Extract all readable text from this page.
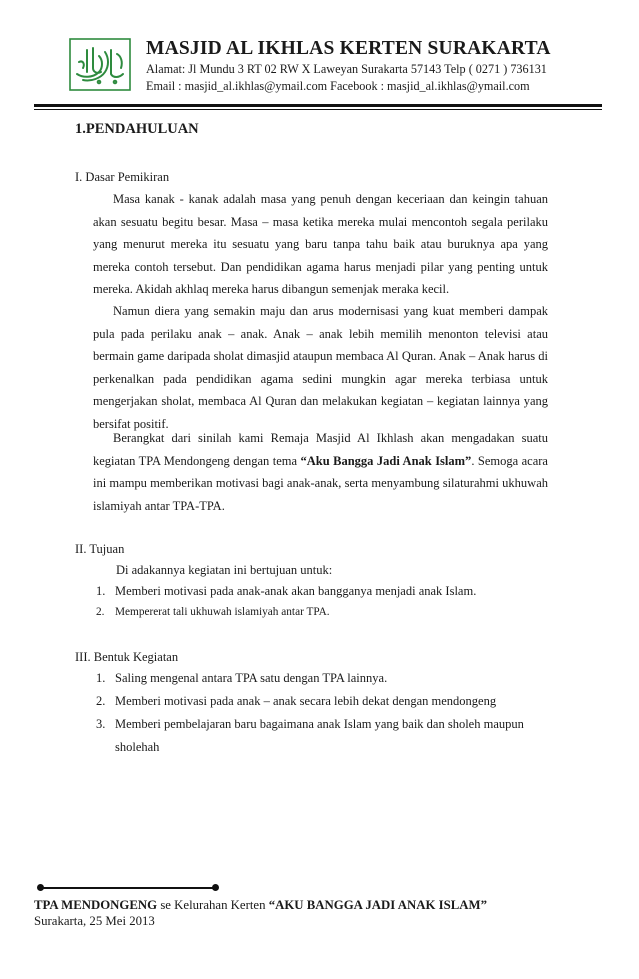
MASJID AL IKHLAS KERTEN SURAKARTA
Alamat: Jl Mundu 3 RT 02 RW X Laweyan Surakarta 57143 Telp ( 0271 ) 736131
Email : masjid_al.ikhlas@ymail.com Facebook : masjid_al.ikhlas@ymail.com
1.PENDAHULUAN
I. Dasar Pemikiran

Masa kanak - kanak adalah masa yang penuh dengan keceriaan dan keingin tahuan akan sesuatu begitu besar. Masa – masa ketika mereka mulai mencontoh segala perilaku yang menurut mereka itu sesuatu yang baru tanpa tahu baik atau buruknya apa yang mereka contoh tersebut. Dan pendidikan agama harus menjadi pilar yang penting untuk mereka. Akidah akhlaq mereka harus dibangun semenjak meraka kecil.

Namun diera yang semakin maju dan arus modernisasi yang kuat memberi dampak pula pada perilaku anak – anak. Anak – anak lebih memilih menonton televisi atau bermain game daripada sholat dimasjid ataupun membaca Al Quran. Anak – Anak harus di perkenalkan pada pendidikan agama sedini mungkin agar mereka terbiasa untuk mengerjakan sholat, membaca Al Quran dan melakukan kegiatan – kegiatan lainnya yang bersifat positif.

Berangkat dari sinilah kami Remaja Masjid Al Ikhlash akan mengadakan suatu kegiatan TPA Mendongeng dengan tema “Aku Bangga Jadi Anak Islam”. Semoga acara ini mampu memberikan motivasi bagi anak-anak, serta menyambung silaturahmi ukhuwah islamiyah antar TPA-TPA.

II. Tujuan
Di adakannya kegiatan ini bertujuan untuk:
1. Memberi motivasi pada anak-anak akan bangganya menjadi anak Islam.
2. Mempererat tali ukhuwah islamiyah antar TPA.
III. Bentuk Kegiatan
1. Saling mengenal antara TPA satu dengan TPA lainnya.
2. Memberi motivasi pada anak – anak secara lebih dekat dengan mendongeng
3. Memberi pembelajaran baru bagaimana anak Islam yang baik dan sholeh maupun
sholehah
TPA MENDONGENG se Kelurahan Kerten “AKU BANGGA JADI ANAK ISLAM”
Surakarta, 25 Mei 2013
